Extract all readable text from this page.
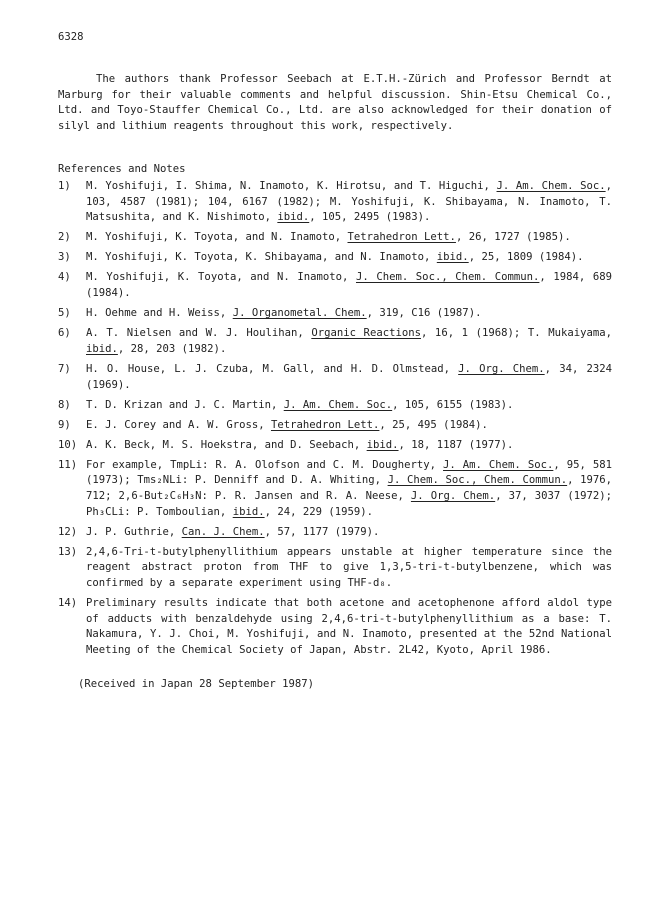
6328

The authors thank Professor Seebach at E.T.H.-Zürich and Professor Berndt at Marburg for their valuable comments and helpful discussion. Shin-Etsu Chemical Co., Ltd. and Toyo-Stauffer Chemical Co., Ltd. are also acknowledged for their donation of silyl and lithium reagents throughout this work, respectively.

References and Notes
1)	M. Yoshifuji, I. Shima, N. Inamoto, K. Hirotsu, and T. Higuchi, J. Am. Chem. Soc., 103, 4587 (1981); 104, 6167 (1982); M. Yoshifuji, K. Shibayama, N. Inamoto, T. Matsushita, and K. Nishimoto, ibid., 105, 2495 (1983).
2)	M. Yoshifuji, K. Toyota, and N. Inamoto, Tetrahedron Lett., 26, 1727 (1985).
3)	M. Yoshifuji, K. Toyota, K. Shibayama, and N. Inamoto, ibid., 25, 1809 (1984).
4)	M. Yoshifuji, K. Toyota, and N. Inamoto, J. Chem. Soc., Chem. Commun., 1984, 689 (1984).
5)	H. Oehme and H. Weiss, J. Organometal. Chem., 319, C16 (1987).
6)	A. T. Nielsen and W. J. Houlihan, Organic Reactions, 16, 1 (1968); T. Mukaiyama, ibid., 28, 203 (1982).
7)	H. O. House, L. J. Czuba, M. Gall, and H. D. Olmstead, J. Org. Chem., 34, 2324 (1969).
8)	T. D. Krizan and J. C. Martin, J. Am. Chem. Soc., 105, 6155 (1983).
9)	E. J. Corey and A. W. Gross, Tetrahedron Lett., 25, 495 (1984).
10) A. K. Beck, M. S. Hoekstra, and D. Seebach, ibid., 18, 1187 (1977).
11) For example, TmpLi: R. A. Olofson and C. M. Dougherty, J. Am. Chem. Soc., 95, 581 (1973); Tms₂NLi: P. Denniff and D. A. Whiting, J. Chem. Soc., Chem. Commun., 1976, 712; 2,6-But₂C₆H₃N: P. R. Jansen and R. A. Neese, J. Org. Chem., 37, 3037 (1972); Ph₃CLi: P. Tomboulian, ibid., 24, 229 (1959).
12) J. P. Guthrie, Can. J. Chem., 57, 1177 (1979).
13) 2,4,6-Tri-t-butylphenyllithium appears unstable at higher temperature since the reagent abstract proton from THF to give 1,3,5-tri-t-butylbenzene, which was confirmed by a separate experiment using THF-d₈.
14) Preliminary results indicate that both acetone and acetophenone afford aldol type of adducts with benzaldehyde using 2,4,6-tri-t-butylphenyllithium as a base: T. Nakamura, Y. J. Choi, M. Yoshifuji, and N. Inamoto, presented at the 52nd National Meeting of the Chemical Society of Japan, Abstr. 2L42, Kyoto, April 1986.
(Received in Japan 28 September 1987)
